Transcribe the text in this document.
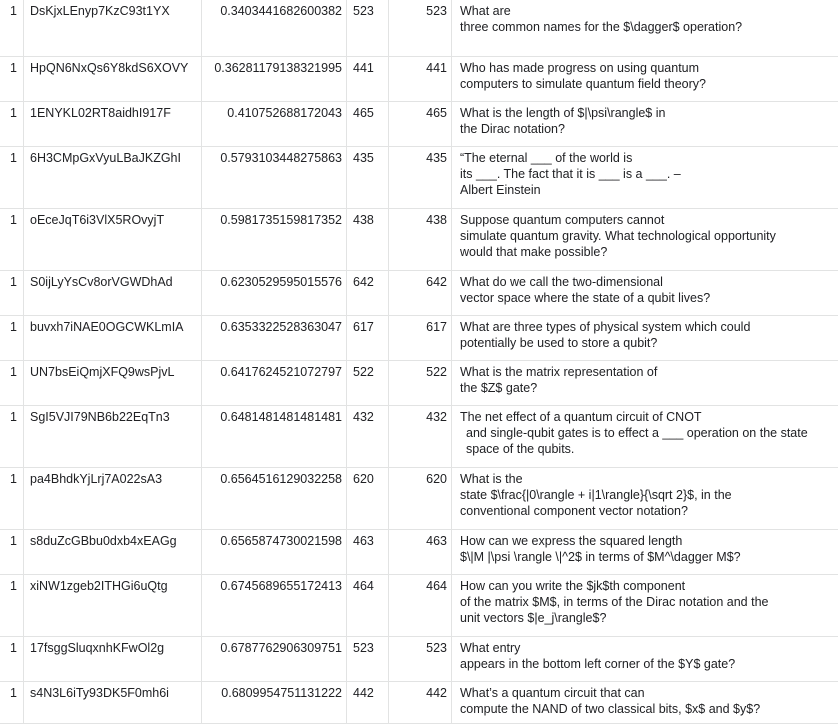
1	DsKjxLEnyp7KzC93t1YX	0.3403441682600382 523	523	What are
three common names for the $\dagger$ operation?
1	HpQN6NxQs6Y8kdS6XOVY	0.36281179138321995 441	441	Who has made progress on using quantum
computers to simulate quantum field theory?
1	1ENYKL02RT8aidhI917F	0.410752688172043 465	465	What is the length of $|\psi\rangle$ in
the Dirac notation?
1	6H3CMpGxVyuLBaJKZGhI	0.5793103448275863 435	435	“The eternal ___ of the world is
its ___. The fact that it is ___ is a ___. –
Albert Einstein
1	oEceJqT6i3VlX5ROvyjT	0.5981735159817352 438	438	Suppose quantum computers cannot
simulate quantum gravity. What technological opportunity
would that make possible?
1	S0ijLyYsCv8orVGWDhAd	0.6230529595015576 642	642	What do we call the two-dimensional
vector space where the state of a qubit lives?
1	buvxh7iNAE0OGCWKLmIA	0.6353322528363047 617	617	What are three types of physical system which could
potentially be used to store a qubit?
1	UN7bsEiQmjXFQ9wsPjvL	0.6417624521072797 522	522	What is the matrix representation of
the $Z$ gate?
1	SgI5VJI79NB6b22EqTn3	0.6481481481481481 432	432	The net effect of a quantum circuit of CNOT
and single-qubit gates is to effect a ___ operation on the state
space of the qubits.
1	pa4BhdkYjLrj7A022sA3	0.6564516129032258 620	620	What is the
state $\frac{|0\rangle + i|1\rangle}{\sqrt 2}$, in the
conventional component vector notation?
1	s8duZcGBbu0dxb4xEAGg	0.6565874730021598 463	463	How can we express the squared length
$\|M |\psi \rangle \|^2$ in terms of $M^\dagger M$?
1	xiNW1zgeb2ITHGi6uQtg	0.6745689655172413 464	464	How can you write the $jk$th component
of the matrix $M$, in terms of the Dirac notation and the
unit vectors $|e_j\rangle$?
1	17fsggSluqxnhKFwOl2g	0.6787762906309751 523	523	What entry
appears in the bottom left corner of the $Y$ gate?
1	s4N3L6iTy93DK5F0mh6i	0.6809954751131222 442	442	What’s a quantum circuit that can
compute the NAND of two classical bits, $x$ and $y$?
